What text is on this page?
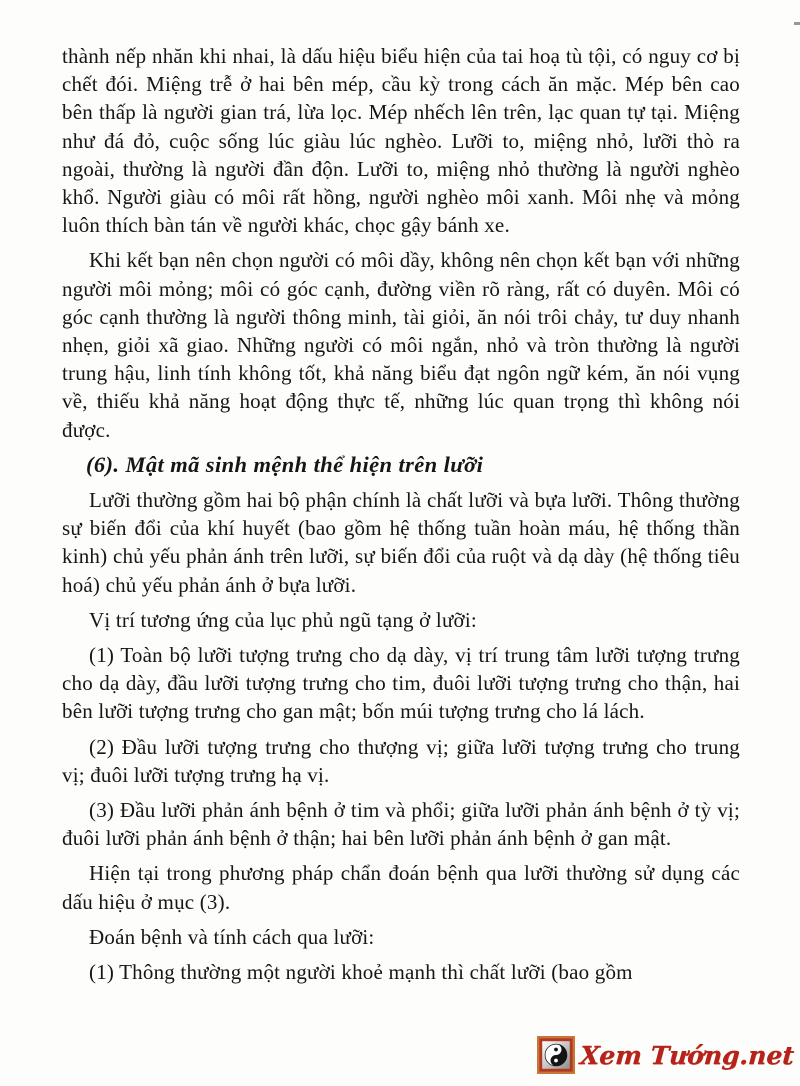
thành nếp nhăn khi nhai, là dấu hiệu biểu hiện của tai hoạ tù tội, có nguy cơ bị chết đói. Miệng trễ ở hai bên mép, cầu kỳ trong cách ăn mặc. Mép bên cao bên thấp là người gian trá, lừa lọc. Mép nhếch lên trên, lạc quan tự tại. Miệng như đá đỏ, cuộc sống lúc giàu lúc nghèo. Lưỡi to, miệng nhỏ, lưỡi thò ra ngoài, thường là người đần độn. Lưỡi to, miệng nhỏ thường là người nghèo khổ. Người giàu có môi rất hồng, người nghèo môi xanh. Môi nhẹ và mỏng luôn thích bàn tán về người khác, chọc gậy bánh xe.

Khi kết bạn nên chọn người có môi dầy, không nên chọn kết bạn với những người môi mỏng; môi có góc cạnh, đường viền rõ ràng, rất có duyên. Môi có góc cạnh thường là người thông minh, tài giỏi, ăn nói trôi chảy, tư duy nhanh nhẹn, giỏi xã giao. Những người có môi ngắn, nhỏ và tròn thường là người trung hậu, linh tính không tốt, khả năng biểu đạt ngôn ngữ kém, ăn nói vụng về, thiếu khả năng hoạt động thực tế, những lúc quan trọng thì không nói được.

(6). Mật mã sinh mệnh thể hiện trên lưỡi

Lưỡi thường gồm hai bộ phận chính là chất lưỡi và bựa lưỡi. Thông thường sự biến đổi của khí huyết (bao gồm hệ thống tuần hoàn máu, hệ thống thần kinh) chủ yếu phản ánh trên lưỡi, sự biến đổi của ruột và dạ dày (hệ thống tiêu hoá) chủ yếu phản ánh ở bựa lưỡi.

Vị trí tương ứng của lục phủ ngũ tạng ở lưỡi:

(1) Toàn bộ lưỡi tượng trưng cho dạ dày, vị trí trung tâm lưỡi tượng trưng cho dạ dày, đầu lưỡi tượng trưng cho tim, đuôi lưỡi tượng trưng cho thận, hai bên lưỡi tượng trưng cho gan mật; bốn múi tượng trưng cho lá lách.

(2) Đầu lưỡi tượng trưng cho thượng vị; giữa lưỡi tượng trưng cho trung vị; đuôi lưỡi tượng trưng hạ vị.

(3) Đầu lưỡi phản ánh bệnh ở tim và phổi; giữa lưỡi phản ánh bệnh ở tỳ vị; đuôi lưỡi phản ánh bệnh ở thận; hai bên lưỡi phản ánh bệnh ở gan mật.

Hiện tại trong phương pháp chẩn đoán bệnh qua lưỡi thường sử dụng các dấu hiệu ở mục (3).

Đoán bệnh và tính cách qua lưỡi:

(1) Thông thường một người khoẻ mạnh thì chất lưỡi (bao gồm

Xem Tướng.net
